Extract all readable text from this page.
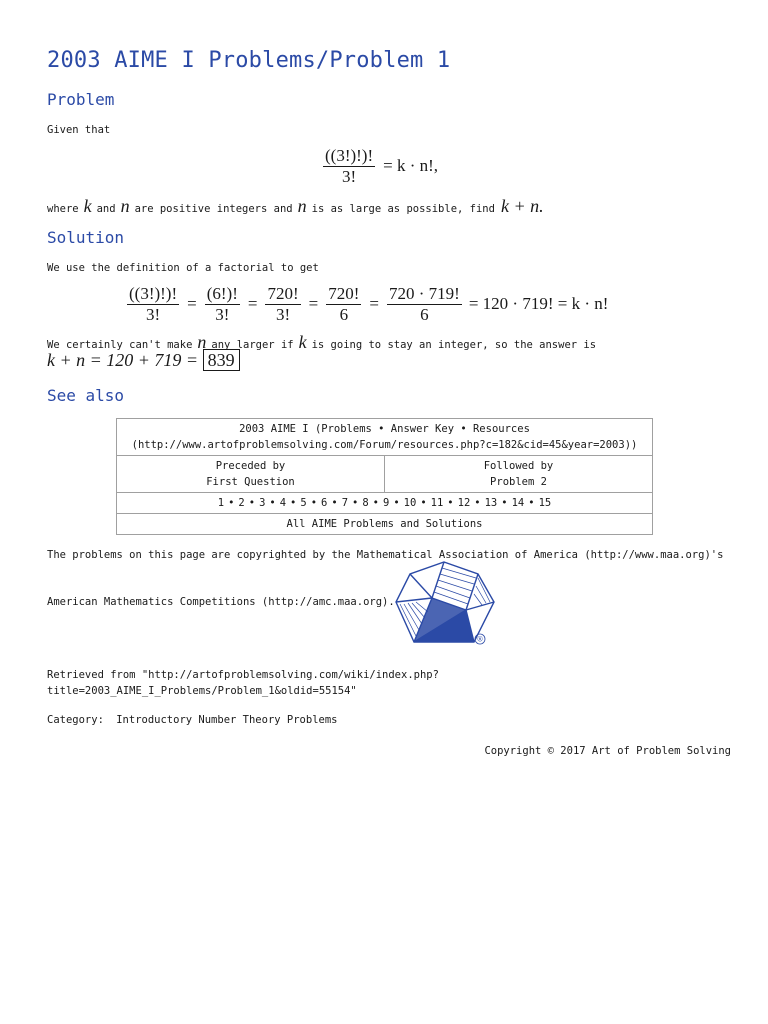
2003 AIME I Problems/Problem 1
Problem
Given that
$\frac{((3!)!)!}{3!} = k \cdot n$!,
where k and n are positive integers and n is as large as possible, find k + n.
Solution
We use the definition of a factorial to get
$\frac{((3!)!)!}{3!} = \frac{(6!)!}{3!} = \frac{720!}{3!} = \frac{720!}{6} = \frac{720 \cdot 719!}{6} = 120 \cdot 719$! = k · n!
We certainly can't make n any larger if k is going to stay an integer, so the answer is
k + n = 120 + 719 = 839
See also
2003 AIME I (Problems • Answer Key • Resources
(http://www.artofproblemsolving.com/Forum/resources.php?c=182&cid=45&year=2003))

Preceded by
First Question

Followed by
Problem 2

1 • 2 • 3 • 4 • 5 • 6 • 7 • 8 • 9 • 10 • 11 • 12 • 13 • 14 • 15
All AIME Problems and Solutions
The problems on this page are copyrighted by the Mathematical Association of America (http://www.maa.org)'s
American Mathematics Competitions (http://amc.maa.org).
®
Retrieved from "http://artofproblemsolving.com/wiki/index.php?
title=2003_AIME_I_Problems/Problem_1&oldid=55154"
Category: Introductory Number Theory Problems
Copyright © 2017 Art of Problem Solving
